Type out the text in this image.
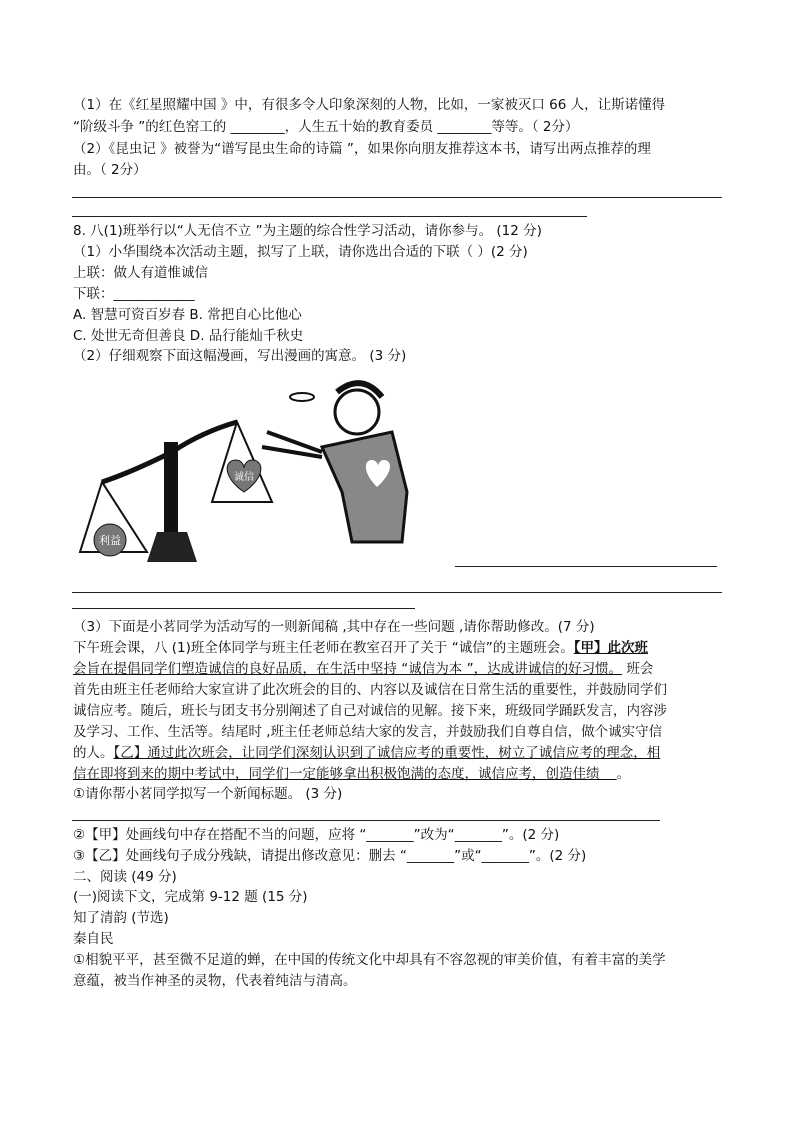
（1）在《红星照耀中国 》中，有很多令人印象深刻的人物，比如，一家被灭口 66 人，让斯诺懂得
“阶级斗争 ”的红色窑工的 ________，人生五十始的教育委员 ________等等。（ 2分）
（2）《昆虫记 》被誉为“谱写昆虫生命的诗篇 ”，如果你向朋友推荐这本书，请写出两点推荐的理
由。（ 2分）
8. 八(1)班举行以“人无信不立 ”为主题的综合性学习活动，请你参与。 (12 分)
（1）小华围绕本次活动主题，拟写了上联，请你选出合适的下联（ ）(2 分)
上联：做人有道惟诚信
下联：____________
A. 智慧可资百岁春 B. 常把自心比他心
C. 处世无奇但善良 D. 品行能灿千秋史
（2）仔细观察下面这幅漫画，写出漫画的寓意。 (3 分)
利益
诚信
（3）下面是小茗同学为活动写的一则新闻稿 ,其中存在一些问题 ,请你帮助修改。(7 分)
下午班会课，八 (1)班全体同学与班主任老师在教室召开了关于 “诚信”的主题班会。【甲】此次班
会旨在提倡同学们塑造诚信的良好品质，在生活中坚持 “诚信为本 ”，达成讲诚信的好习惯。 班会
首先由班主任老师给大家宣讲了此次班会的目的、内容以及诚信在日常生活的重要性，并鼓励同学们
诚信应考。随后，班长与团支书分别阐述了自己对诚信的见解。接下来，班级同学踊跃发言，内容涉
及学习、工作、生活等。结尾时 ,班主任老师总结大家的发言，并鼓励我们自尊自信，做个诚实守信
的人。【乙】通过此次班会，让同学们深刻认识到了诚信应考的重要性，树立了诚信应考的理念，相
信在即将到来的期中考试中，同学们一定能够拿出积极饱满的态度，诚信应考，创造佳绩    。
①请你帮小茗同学拟写一个新闻标题。 (3 分)
②【甲】处画线句中存在搭配不当的问题，应将 “_______”改为“_______”。(2 分)
③【乙】处画线句子成分残缺，请提出修改意见：删去 “_______”或“_______”。(2 分)
二、阅读 (49 分)
(一)阅读下文，完成第 9-12 题 (15 分)
知了清韵 (节选)
秦自民
①相貌平平，甚至微不足道的蝉，在中国的传统文化中却具有不容忽视的审美价值，有着丰富的美学
意蕴，被当作神圣的灵物，代表着纯洁与清高。
